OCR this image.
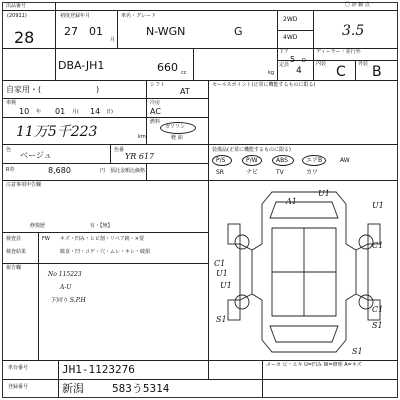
〇 評 価 点
出品番号
(20911)
28
初度登録年月
27 01
月
車名・グレード
N-WGN	G
2WD
4WD	3.5
ドア
5 D
ディーラー・並行外
DBA-JH1	660 cc	kg
定員
4
内装	外装
C B
自家用・(	)	シフト
AT
冷房
AC
車検
10 年 01 月( 14 日)
11万5千223	km
燃料
ガソリン
軽 油
色
ベージュ
色番
YR 617
R券	8,680	円 預託金額込価格
注意事項申告欄
修復歴	有・【無】
検査員	FW キズ・凹み・ヒビ割・リペア跡・×要
検査結果	腐食・凹・コゲ・穴・ムレ・キレ・破損
報告欄
No 115223
A-U
下回り S.P.H
セールスポイント(正常に機能するものに限る)
装備品(正常に機能するものに限る)
P/S	P/W	ABS	エアB	AW
SR	ナビ	TV	カワ
U1
A1	U1
C1
U1
C1
C1
U1
S1
S1
S1
車台番号	JH1-1123276
登録番号	新潟	583う5314
メーカ ビ・エキ U=凹み W=修理 A=キズ
